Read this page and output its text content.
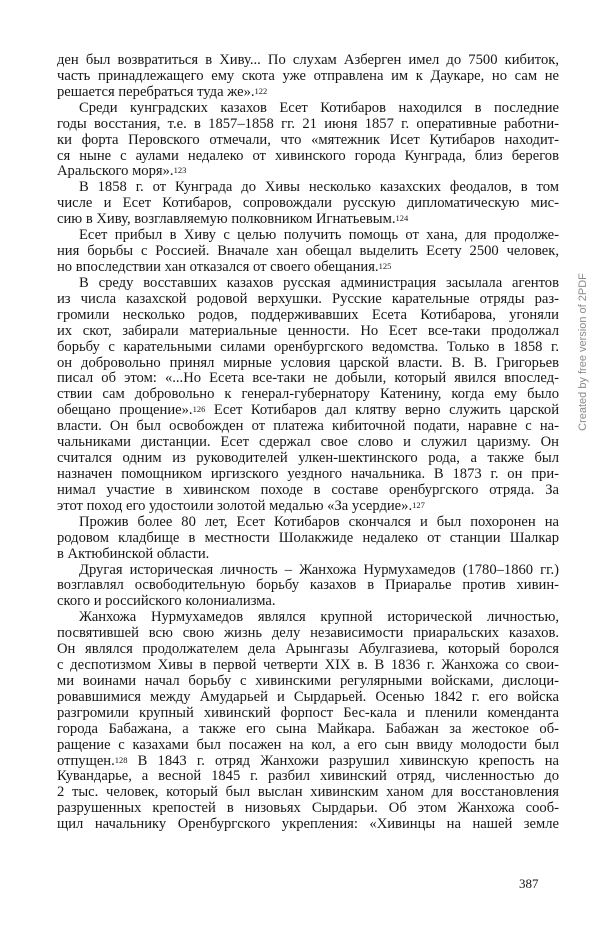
ден был возвратиться в Хиву... По слухам Азберген имел до 7500 кибиток,
часть принадлежащего ему скота уже отправлена им к Даукаре, но сам не
решается перебраться туда же».$^{122}$
Среди кунградских казахов Есет Котибаров находился в последние
годы восстания, т.е. в 1857–1858 гг. 21 июня 1857 г. оперативные работни-
ки форта Перовского отмечали, что «мятежник Исет Кутибаров находит-
ся ныне с аулами недалеко от хивинского города Кунграда, близ берегов
Аральского моря».$^{123}$
В 1858 г. от Кунграда до Хивы несколько казахских феодалов, в том
числе и Есет Котибаров, сопровождали русскую дипломатическую мис-
сию в Хиву, возглавляемую полковником Игнатьевым.$^{124}$
Есет прибыл в Хиву с целью получить помощь от хана, для продолже-
ния борьбы с Россией. Вначале хан обещал выделить Есету 2500 человек,
но впоследствии хан отказался от своего обещания.$^{125}$
В среду восставших казахов русская администрация засылала агентов
из числа казахской родовой верхушки. Русские карательные отряды раз-
громили несколько родов, поддерживавших Есета Котибарова, угоняли
их скот, забирали материальные ценности. Но Есет все-таки продолжал
борьбу с карательными силами оренбургского ведомства. Только в 1858 г.
он добровольно принял мирные условия царской власти. В. В. Григорьев
писал об этом: «...Но Есета все-таки не добыли, который явился впослед-
ствии сам добровольно к генерал-губернатору Катенину, когда ему было
обещано прощение».$^{126}$ Есет Котибаров дал клятву верно служить царской
власти. Он был освобожден от платежа кибиточной подати, наравне с на-
чальниками дистанции. Есет сдержал свое слово и служил царизму. Он
считался одним из руководителей улкен-шектинского рода, а также был
назначен помощником иргизского уездного начальника. В 1873 г. он при-
нимал участие в хивинском походе в составе оренбургского отряда. За
этот поход его удостоили золотой медалью «За усердие».$^{127}$
Прожив более 80 лет, Есет Котибаров скончался и был похоронен на
родовом кладбище в местности Шолакжиде недалеко от станции Шалкар
в Актюбинской области.
Другая историческая личность – Жанхожа Нурмухамедов (1780–1860 гг.)
возглавлял освободительную борьбу казахов в Приаралье против хивин-
ского и российского колониализма.
Жанхожа Нурмухамедов являлся крупной исторической личностью,
посвятившей всю свою жизнь делу независимости приаральских казахов.
Он являлся продолжателем дела Арынгазы Абулгазиева, который боролся
с деспотизмом Хивы в первой четверти XIX в. В 1836 г. Жанхожа со свои-
ми воинами начал борьбу с хивинскими регулярными войсками, дислоци-
ровавшимися между Амударьей и Сырдарьей. Осенью 1842 г. его войска
разгромили крупный хивинский форпост Бес-кала и пленили коменданта
города Бабажана, а также его сына Майкара. Бабажан за жестокое об-
ращение с казахами был посажен на кол, а его сын ввиду молодости был
отпущен.$^{128}$ В 1843 г. отряд Жанхожи разрушил хивинскую крепость на
Кувандарье, а весной 1845 г. разбил хивинский отряд, численностью до
2 тыс. человек, который был выслан хивинским ханом для восстановления
разрушенных крепостей в низовьях Сырдарьи. Об этом Жанхожа сооб-
щил начальнику Оренбургского укрепления: «Хивинцы на нашей земле
387
Created by free version of 2PDF
